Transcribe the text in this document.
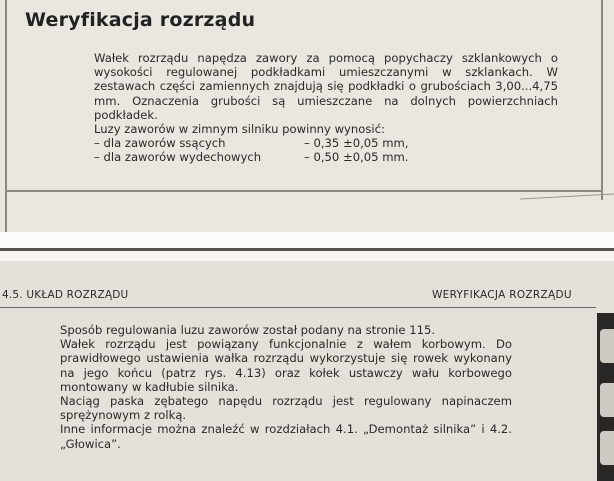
Weryfikacja rozrządu

Wałek rozrządu napędza zawory za pomocą popychaczy szklankowych o wysokości regulowanej podkładkami umieszczanymi w szklankach. W zestawach części zamiennych znajdują się podkładki o grubościach 3,00...4,75 mm. Oznaczenia grubości są umieszczane na dolnych powierzchniach podkładek.

Luzy zaworów w zimnym silniku powinny wynosić:

– dla zaworów ssących	– 0,35 ±0,05 mm,
– dla zaworów wydechowych	– 0,50 ±0,05 mm.
4.5. UKŁAD ROZRZĄDU	WERYFIKACJA ROZRZĄDU

Sposób regulowania luzu zaworów został podany na stronie 115.

Wałek rozrządu jest powiązany funkcjonalnie z wałem korbowym. Do prawidłowego ustawienia wałka rozrządu wykorzystuje się rowek wykonany na jego końcu (patrz rys. 4.13) oraz kołek ustawczy wału korbowego montowany w kadłubie silnika.

Naciąg paska zębatego napędu rozrządu jest regulowany napinaczem sprężynowym z rolką.

Inne informacje można znaleźć w rozdziałach 4.1. „Demontaż silnika” i 4.2. „Głowica”.
